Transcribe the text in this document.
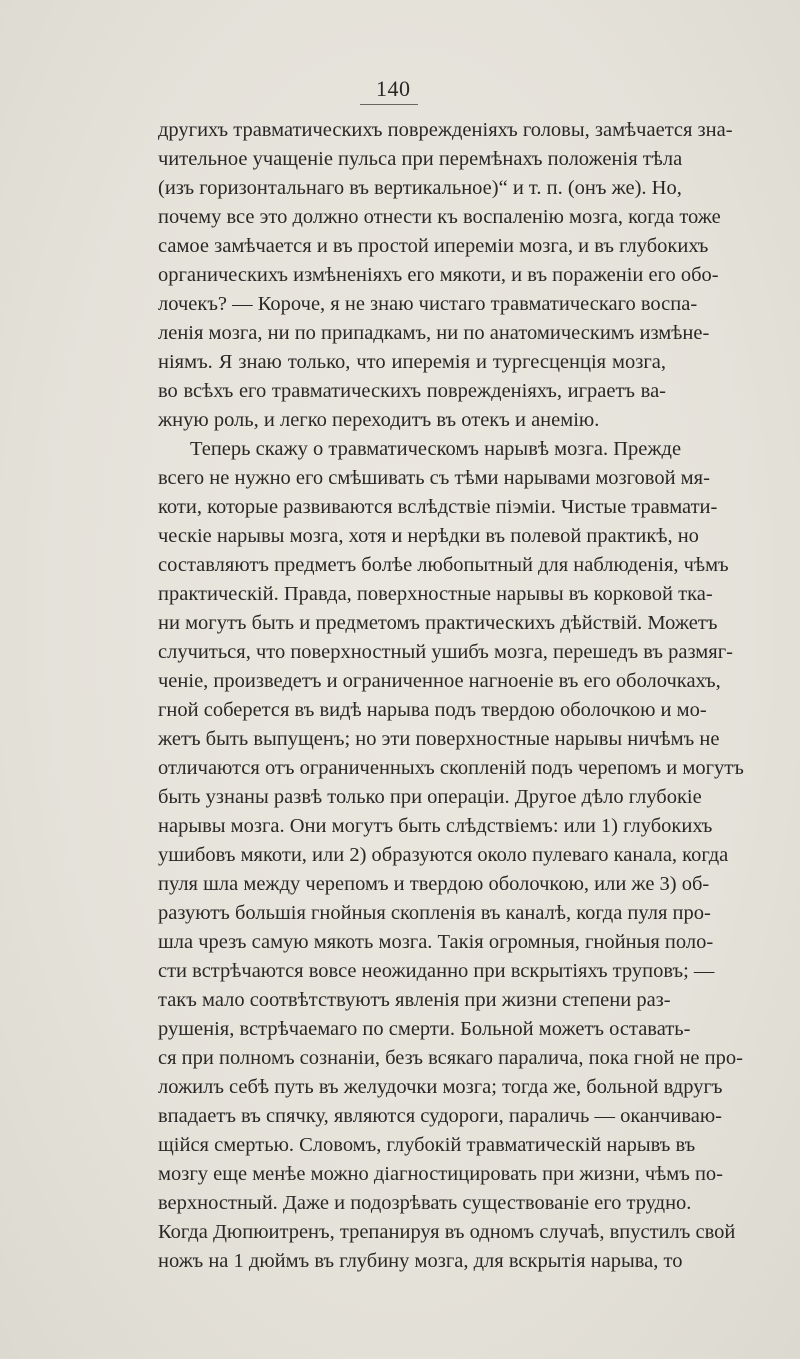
140
другихъ травматическихъ поврежденіяхъ головы, замѣчается зна-
чительное учащеніе пульса при перемѣнахъ положенія тѣла
(изъ горизонтальнаго въ вертикальное)“ и т. п. (онъ же). Но,
почему все это должно отнести къ воспаленію мозга, когда тоже
самое замѣчается и въ простой иперемiи мозга, и въ глубокихъ
органическихъ измѣненіяхъ его мякоти, и въ пораженіи его обо-
лочекъ? — Короче, я не знаю чистаго травматическаго воспа-
ленія мозга, ни по припадкамъ, ни по анатомическимъ измѣне-
ніямъ. Я знаю только, что иперемія и тургесценція мозга,
во всѣхъ его травматическихъ поврежденіяхъ, играетъ ва-
жную роль, и легко переходитъ въ отекъ и анемію.
Теперь скажу о травматическомъ нарывѣ мозга. Прежде
всего не нужно его смѣшивать съ тѣми нарывами мозговой мя-
коти, которые развиваются вслѣдствіе піэміи. Чистые травмати-
ческіе нарывы мозга, хотя и нерѣдки въ полевой практикѣ, но
составляютъ предметъ болѣе любопытный для наблюденія, чѣмъ
практическій. Правда, поверхностные нарывы въ корковой тка-
ни могутъ быть и предметомъ практическихъ дѣйствій. Можетъ
случиться, что поверхностный ушибъ мозга, перешедъ въ размяг-
ченіе, произведетъ и ограниченное нагноеніе въ его оболочкахъ,
гной соберется въ видѣ нарыва подъ твердою оболочкою и мо-
жетъ быть выпущенъ; но эти поверхностные нарывы ничѣмъ не
отличаются отъ ограниченныхъ скопленій подъ черепомъ и могутъ
быть узнаны развѣ только при операціи. Другое дѣло глубокіе
нарывы мозга. Они могутъ быть слѣдствіемъ: или 1) глубокихъ
ушибовъ мякоти, или 2) образуются около пулеваго канала, когда
пуля шла между черепомъ и твердою оболочкою, или же 3) об-
разуютъ большія гнойныя скопленія въ каналѣ, когда пуля про-
шла чрезъ самую мякоть мозга. Такія огромныя, гнойныя поло-
сти встрѣчаются вовсе неожиданно при вскрытіяхъ труповъ; —
такъ мало соотвѣтствуютъ явленія при жизни степени раз-
рушенія, встрѣчаемаго по смерти. Больной можетъ оставать-
ся при полномъ сознаніи, безъ всякаго паралича, пока гной не про-
ложилъ себѣ путь въ желудочки мозга; тогда же, больной вдругъ
впадаетъ въ спячку, являются судороги, параличь — оканчиваю-
щійся смертью. Словомъ, глубокій травматическій нарывъ въ
мозгу еще менѣе можно діагностицировать при жизни, чѣмъ по-
верхностный. Даже и подозрѣвать существованіе его трудно.
Когда Дюпюитренъ, трепанируя въ одномъ случаѣ, впустилъ свой
ножъ на 1 дюймъ въ глубину мозга, для вскрытія нарыва, то
